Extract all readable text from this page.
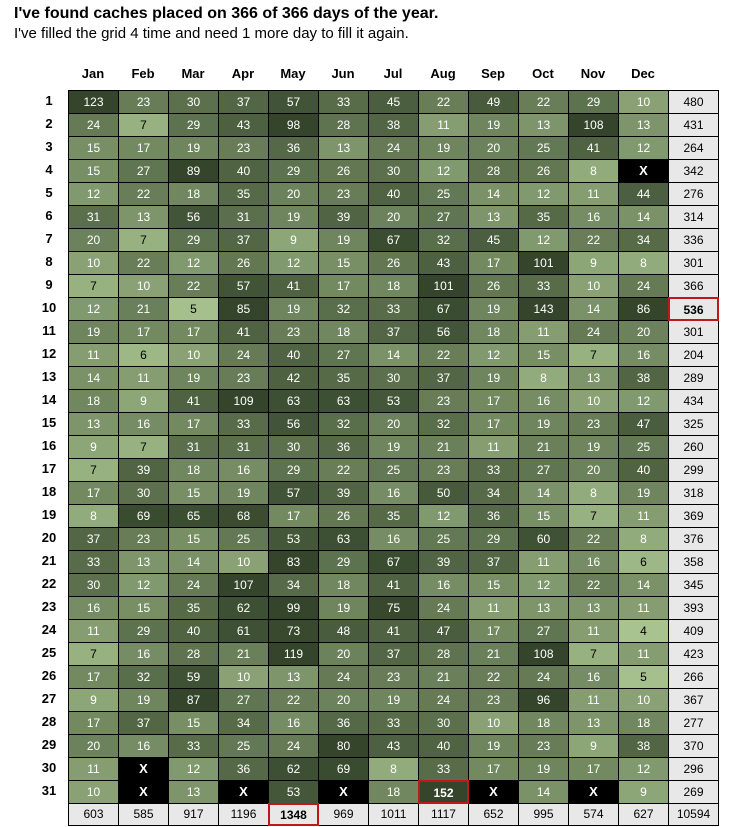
I've found caches placed on 366 of 366 days of the year.

I've filled the grid 4 time and need 1 more day to fill it again.

Jan	Feb	Mar	Apr	May	Jun	Jul	Aug	Sep	Oct	Nov	Dec
1	123	23	30	37	57	33	45	22	49	22	29	10	480
2	24	7	29	43	98	28	38	11	19	13	108	13	431
3	15	17	19	23	36	13	24	19	20	25	41	12	264
4	15	27	89	40	29	26	30	12	28	26	8	X	342
5	12	22	18	35	20	23	40	25	14	12	11	44	276
6	31	13	56	31	19	39	20	27	13	35	16	14	314
7	20	7	29	37	9	19	67	32	45	12	22	34	336
8	10	22	12	26	12	15	26	43	17	101	9	8	301
9	7	10	22	57	41	17	18	101	26	33	10	24	366
10	12	21	5	85	19	32	33	67	19	143	14	86	536
11	19	17	17	41	23	18	37	56	18	11	24	20	301
12	11	6	10	24	40	27	14	22	12	15	7	16	204
13	14	11	19	23	42	35	30	37	19	8	13	38	289
14	18	9	41	109	63	63	53	23	17	16	10	12	434
15	13	16	17	33	56	32	20	32	17	19	23	47	325
16	9	7	31	31	30	36	19	21	11	21	19	25	260
17	7	39	18	16	29	22	25	23	33	27	20	40	299
18	17	30	15	19	57	39	16	50	34	14	8	19	318
19	8	69	65	68	17	26	35	12	36	15	7	11	369
20	37	23	15	25	53	63	16	25	29	60	22	8	376
21	33	13	14	10	83	29	67	39	37	11	16	6	358
22	30	12	24	107	34	18	41	16	15	12	22	14	345
23	16	15	35	62	99	19	75	24	11	13	13	11	393
24	11	29	40	61	73	48	41	47	17	27	11	4	409
25	7	16	28	21	119	20	37	28	21	108	7	11	423
26	17	32	59	10	13	24	23	21	22	24	16	5	266
27	9	19	87	27	22	20	19	24	23	96	11	10	367
28	17	37	15	34	16	36	33	30	10	18	13	18	277
29	20	16	33	25	24	80	43	40	19	23	9	38	370
30	11	X	12	36	62	69	8	33	17	19	17	12	296
31	10	X	13	X	53	X	18	152	X	14	X	9	269
603	585	917	1196	1348	969	1011	1117	652	995	574	627	10594
